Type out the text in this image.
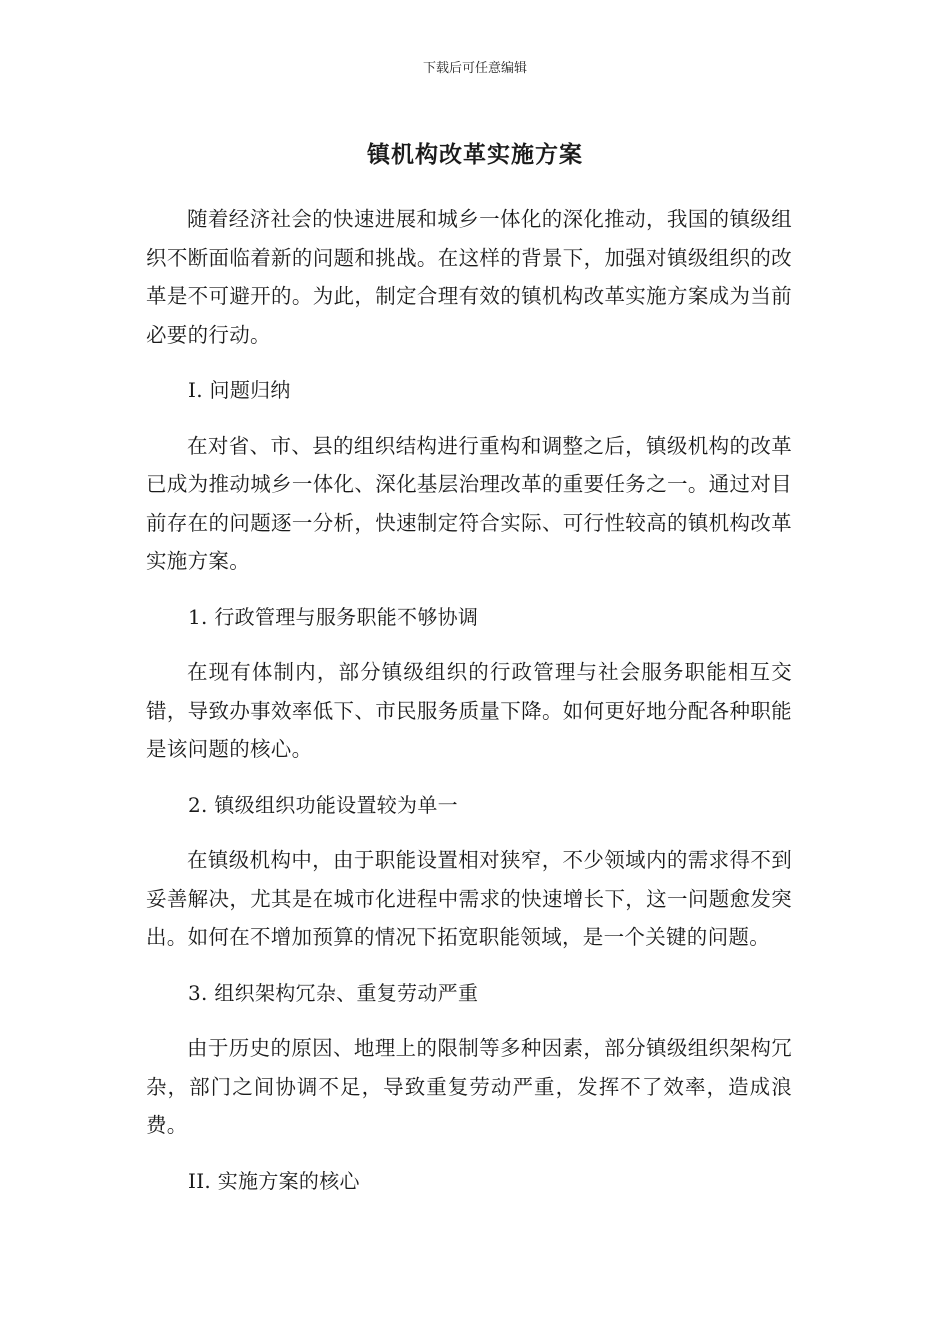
下载后可任意编辑
镇机构改革实施方案

随着经济社会的快速进展和城乡一体化的深化推动，我国的镇级组织不断面临着新的问题和挑战。在这样的背景下，加强对镇级组织的改革是不可避开的。为此，制定合理有效的镇机构改革实施方案成为当前必要的行动。

I. 问题归纳

在对省、市、县的组织结构进行重构和调整之后，镇级机构的改革已成为推动城乡一体化、深化基层治理改革的重要任务之一。通过对目前存在的问题逐一分析，快速制定符合实际、可行性较高的镇机构改革实施方案。

1. 行政管理与服务职能不够协调

在现有体制内，部分镇级组织的行政管理与社会服务职能相互交错，导致办事效率低下、市民服务质量下降。如何更好地分配各种职能是该问题的核心。

2. 镇级组织功能设置较为单一

在镇级机构中，由于职能设置相对狭窄，不少领域内的需求得不到妥善解决，尤其是在城市化进程中需求的快速增长下，这一问题愈发突出。如何在不增加预算的情况下拓宽职能领域，是一个关键的问题。

3. 组织架构冗杂、重复劳动严重

由于历史的原因、地理上的限制等多种因素，部分镇级组织架构冗杂，部门之间协调不足，导致重复劳动严重，发挥不了效率，造成浪费。

II. 实施方案的核心
